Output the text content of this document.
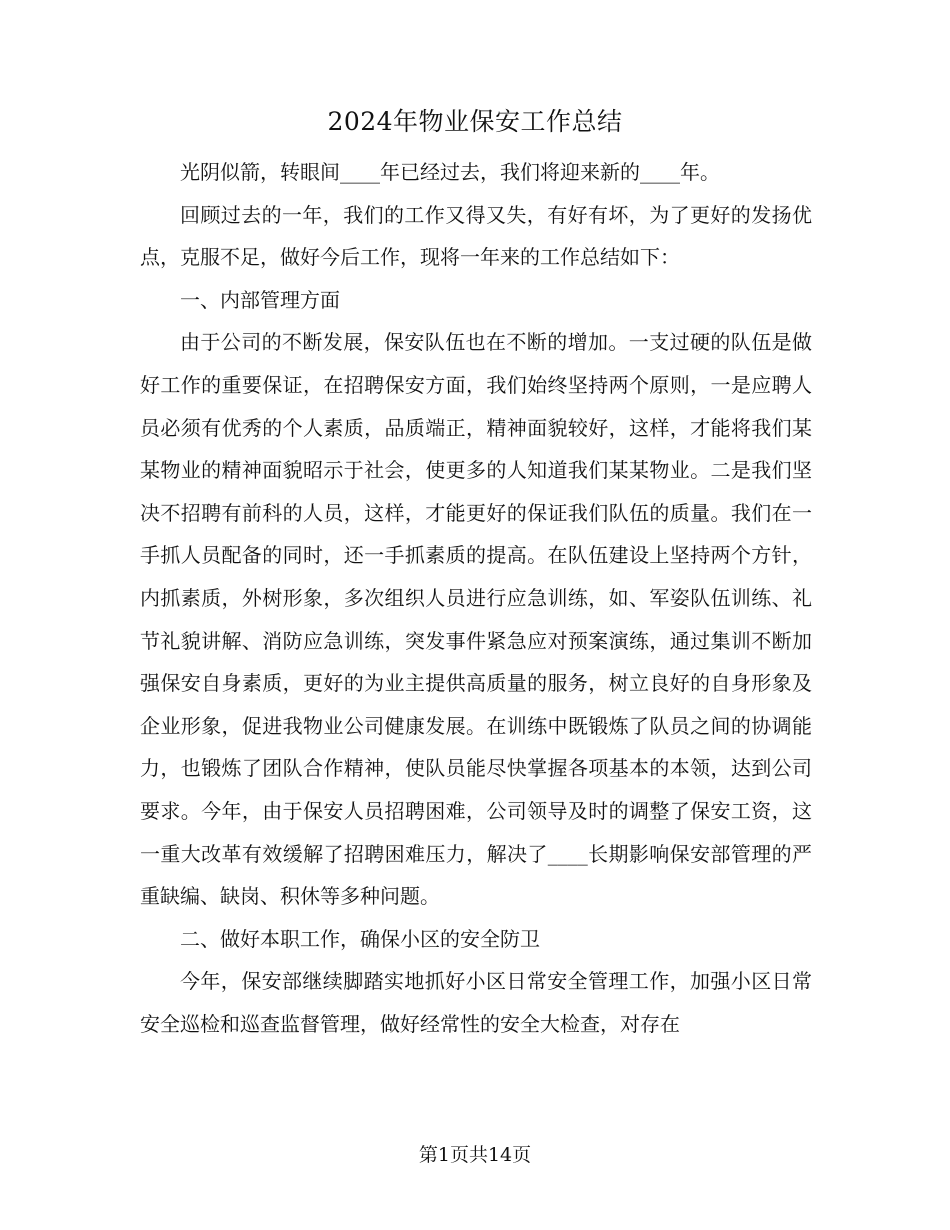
2024年物业保安工作总结

光阴似箭，转眼间____年已经过去，我们将迎来新的____年。

回顾过去的一年，我们的工作又得又失，有好有坏，为了更好的发扬优点，克服不足，做好今后工作，现将一年来的工作总结如下：

一、内部管理方面

由于公司的不断发展，保安队伍也在不断的增加。一支过硬的队伍是做好工作的重要保证，在招聘保安方面，我们始终坚持两个原则，一是应聘人员必须有优秀的个人素质，品质端正，精神面貌较好，这样，才能将我们某某物业的精神面貌昭示于社会，使更多的人知道我们某某物业。二是我们坚决不招聘有前科的人员，这样，才能更好的保证我们队伍的质量。我们在一手抓人员配备的同时，还一手抓素质的提高。在队伍建设上坚持两个方针，内抓素质，外树形象，多次组织人员进行应急训练，如、军姿队伍训练、礼节礼貌讲解、消防应急训练，突发事件紧急应对预案演练，通过集训不断加强保安自身素质，更好的为业主提供高质量的服务，树立良好的自身形象及企业形象，促进我物业公司健康发展。在训练中既锻炼了队员之间的协调能力，也锻炼了团队合作精神，使队员能尽快掌握各项基本的本领，达到公司要求。今年，由于保安人员招聘困难，公司领导及时的调整了保安工资，这一重大改革有效缓解了招聘困难压力，解决了____长期影响保安部管理的严重缺编、缺岗、积休等多种问题。

二、做好本职工作，确保小区的安全防卫

今年，保安部继续脚踏实地抓好小区日常安全管理工作，加强小区日常安全巡检和巡查监督管理，做好经常性的安全大检查，对存在

第1页共14页
